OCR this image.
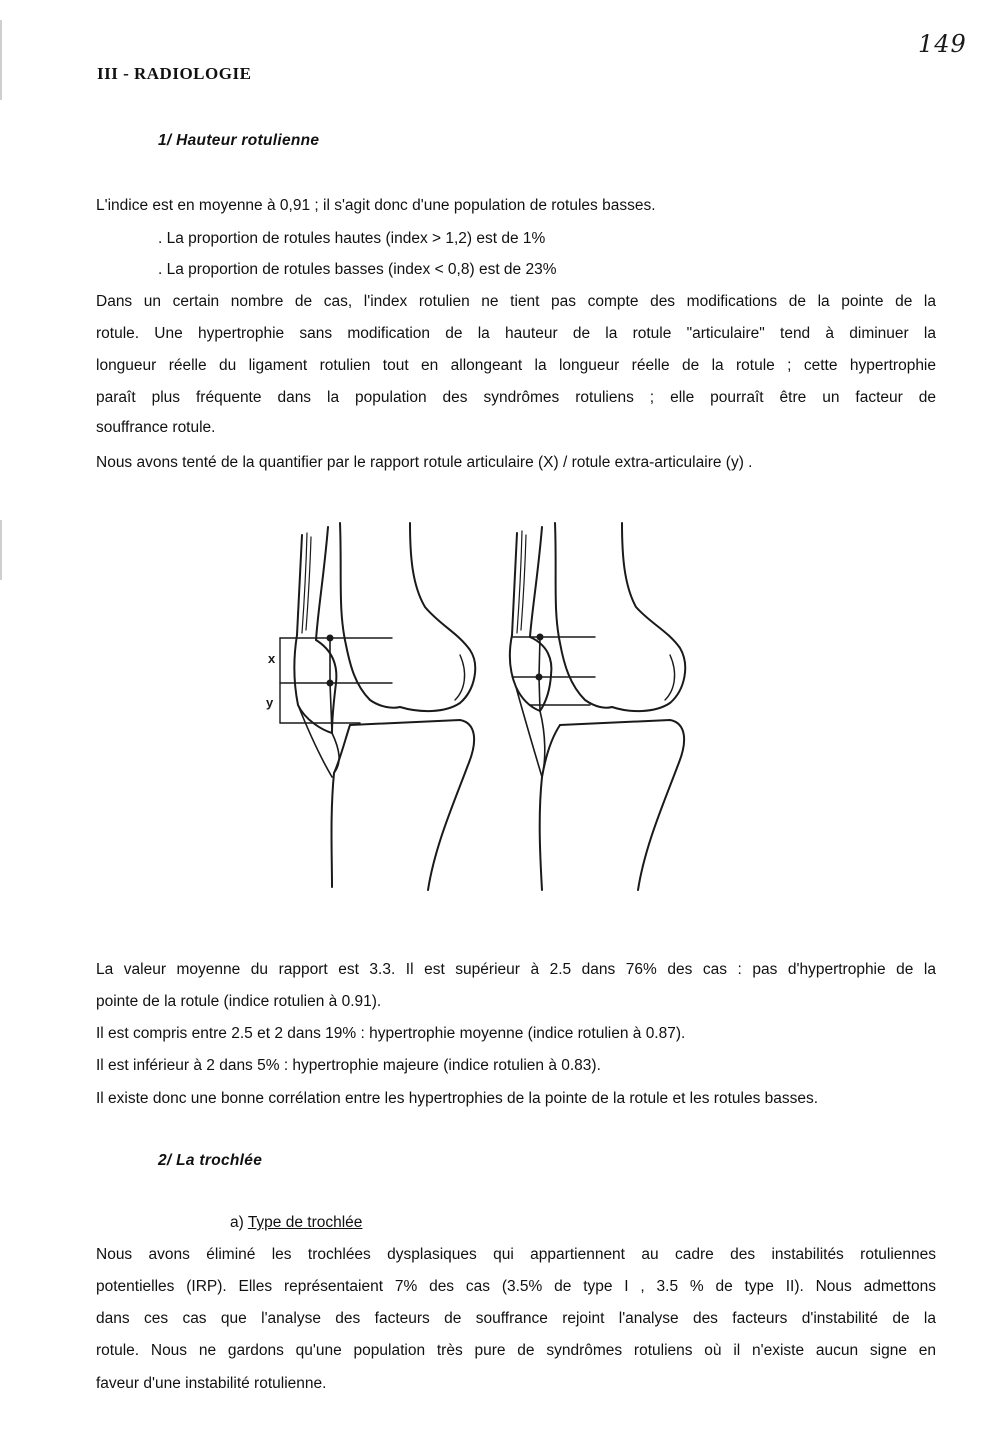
149
III - RADIOLOGIE
1/ Hauteur rotulienne
L'indice est en moyenne à 0,91 ; il s'agit donc d'une population de rotules basses.
. La proportion de rotules hautes (index > 1,2) est de 1%
. La proportion de rotules basses (index < 0,8) est de 23%
Dans un certain nombre de cas, l'index rotulien ne tient pas compte des modifications de la pointe de la
rotule. Une hypertrophie sans modification de la hauteur de la rotule "articulaire" tend à diminuer la
longueur réelle du ligament rotulien tout en allongeant la longueur réelle de la rotule ; cette hypertrophie
paraît plus fréquente dans la population des syndrômes rotuliens ; elle pourraît être un facteur de
souffrance rotule.
Nous avons tenté de la quantifier par le rapport rotule articulaire (X) / rotule extra-articulaire (y) .
x
y
La valeur moyenne du rapport est 3.3. Il est supérieur à 2.5 dans 76% des cas : pas d'hypertrophie de la
pointe de la rotule (indice rotulien à 0.91).
Il est compris entre 2.5 et 2 dans 19% : hypertrophie moyenne (indice rotulien à 0.87).
Il est inférieur à 2 dans 5% : hypertrophie majeure (indice rotulien à 0.83).
Il existe donc une bonne corrélation entre les hypertrophies de la pointe de la rotule et les rotules basses.
2/ La trochlée
a) Type de trochlée
Nous avons éliminé les trochlées dysplasiques qui appartiennent au cadre des instabilités rotuliennes
potentielles (IRP). Elles représentaient 7% des cas (3.5% de type I , 3.5 % de type II). Nous admettons
dans ces cas que l'analyse des facteurs de souffrance rejoint l'analyse des facteurs d'instabilité de la
rotule. Nous ne gardons qu'une population très pure de syndrômes rotuliens où il n'existe aucun signe en
faveur d'une instabilité rotulienne.
